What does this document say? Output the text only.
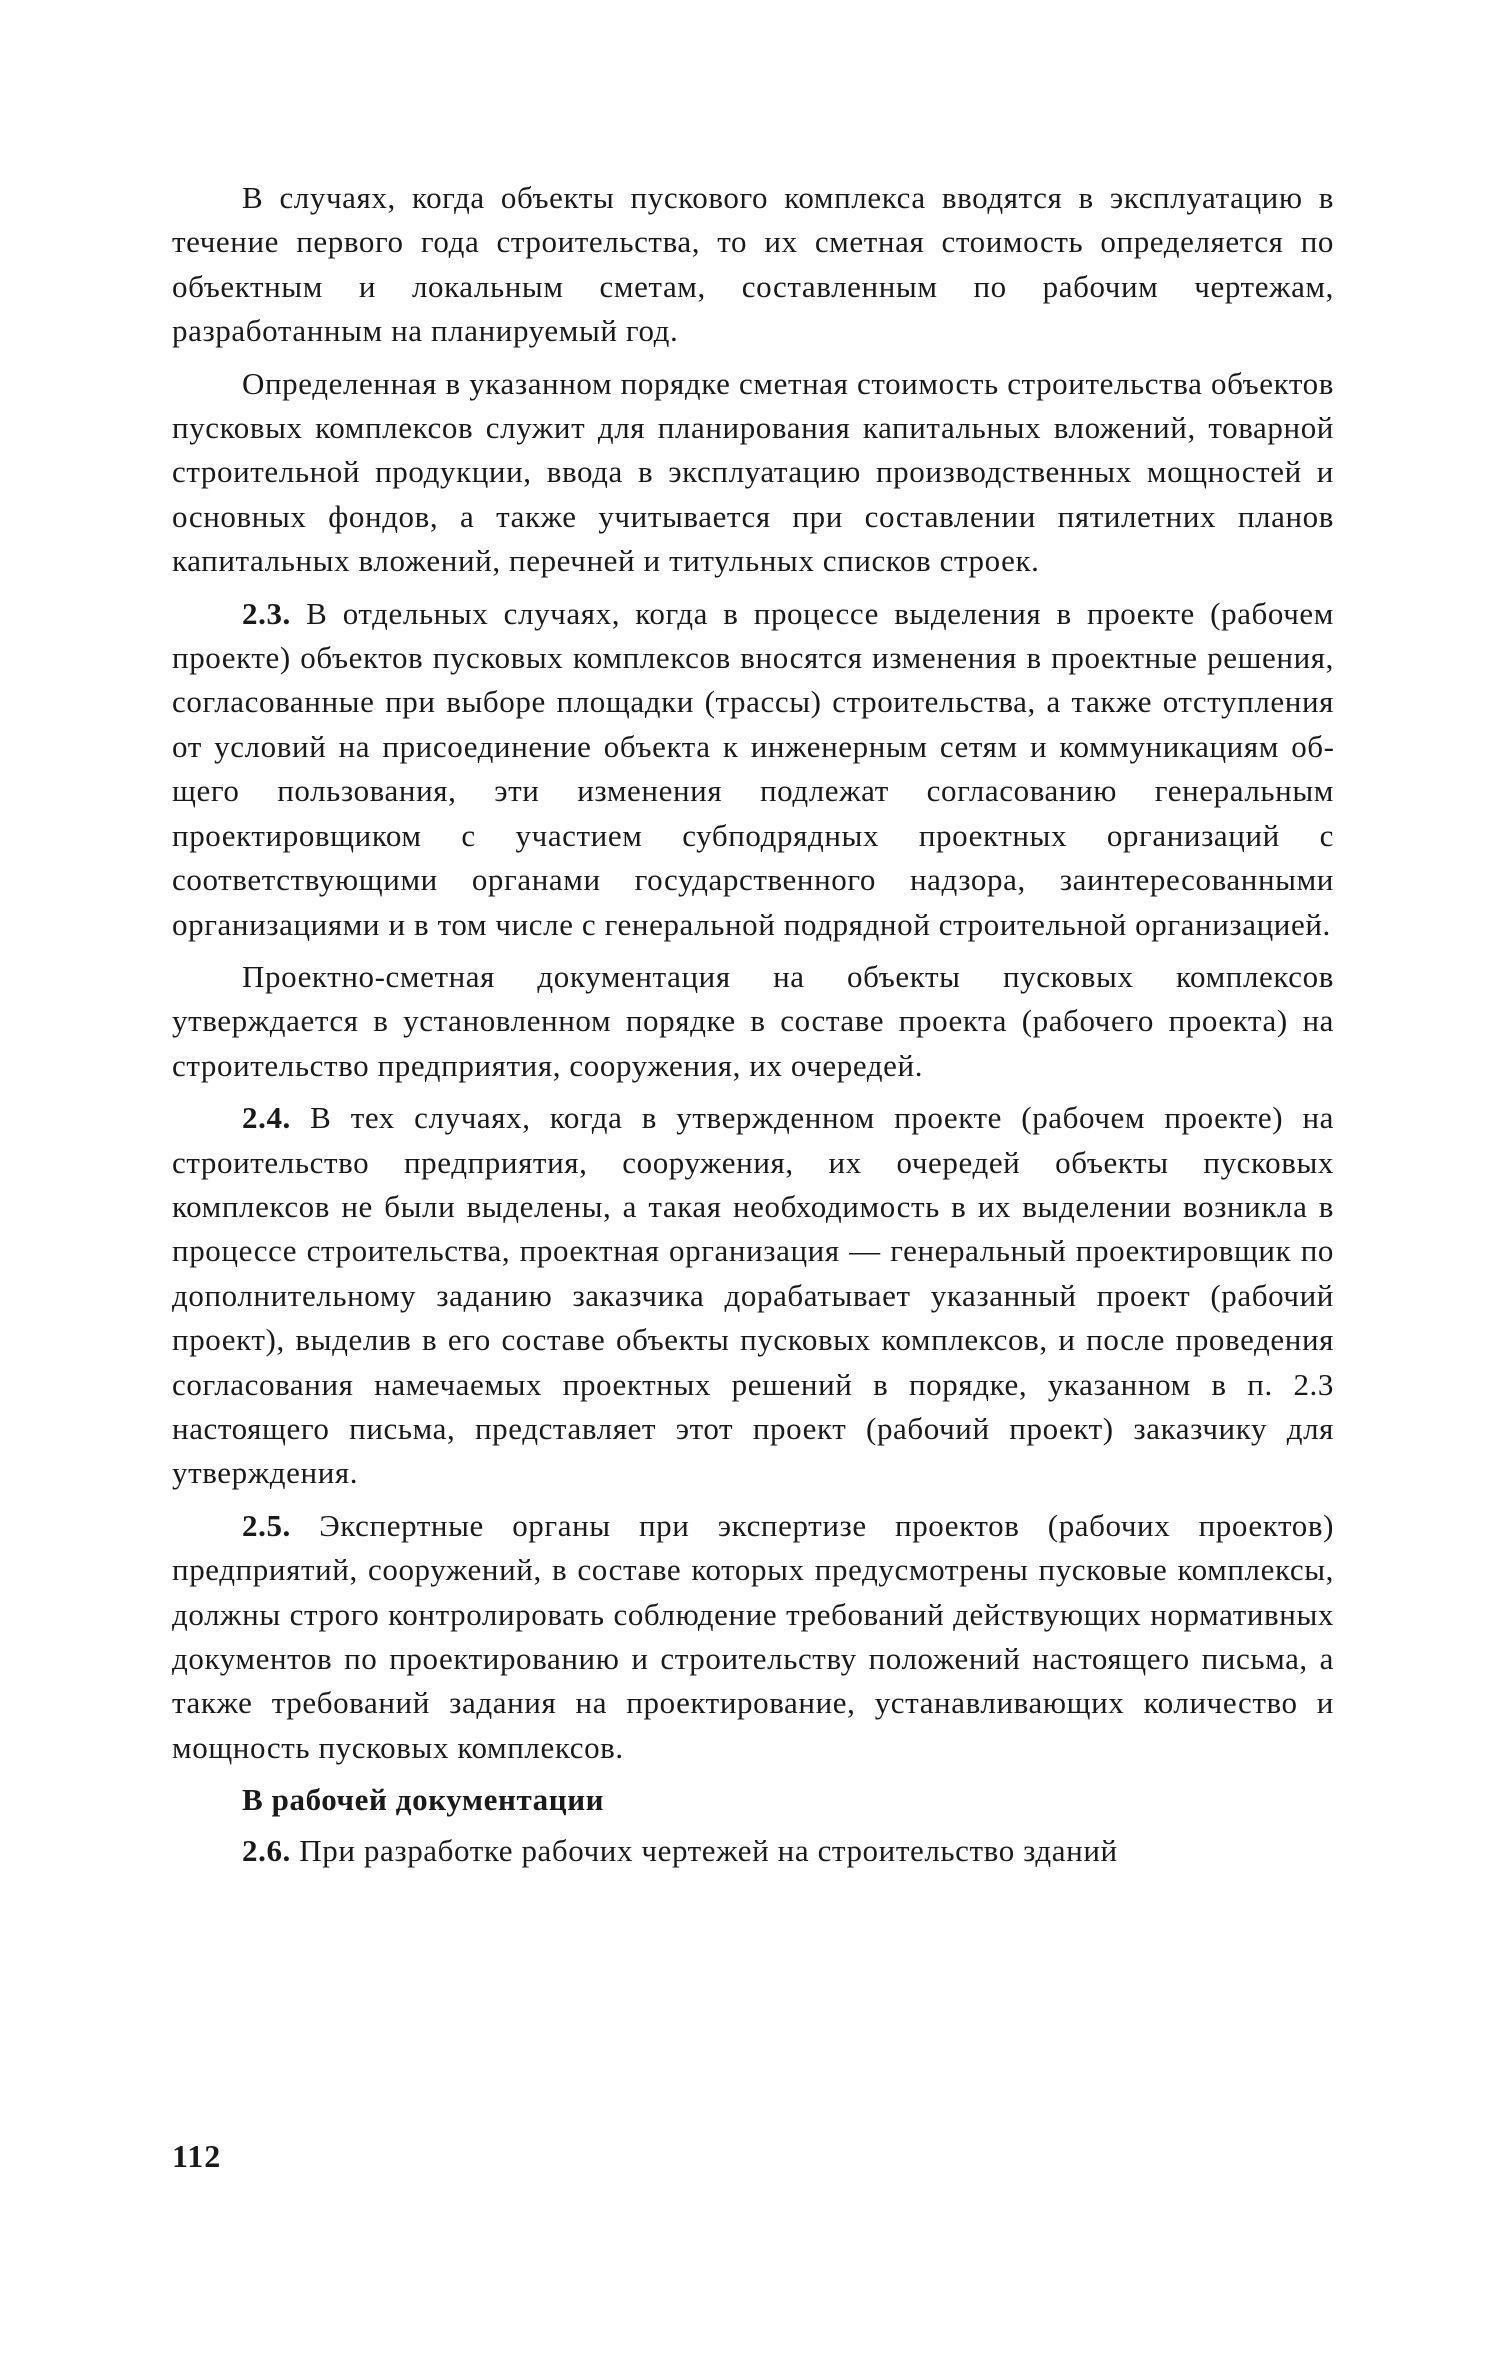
В случаях, когда объекты пускового комплекса вводятся в эксплуатацию в течение первого года строительства, то их сметная стоимость определяется по объектным и локальным сметам, составленным по рабочим чертежам, разработанным на планируемый год.

Определенная в указанном порядке сметная стоимость строительства объектов пусковых комплексов служит для планирования капитальных вложений, товарной строительной продукции, ввода в эксплуатацию производственных мощностей и основных фондов, а также учитывается при составлении пятилетних планов капитальных вложений, перечней и титульных списков строек.

2.3. В отдельных случаях, когда в процессе выделения в проекте (рабочем проекте) объектов пусковых комплексов вносятся изменения в проектные решения, согласованные при выборе площадки (трассы) строительства, а также отступления от условий на присоединение объекта к инженерным сетям и коммуникациям общего пользования, эти изменения подлежат согласованию генеральным проектировщиком с участием субподрядных проектных организаций с соответствующими органами государственного надзора, заинтересованными организациями и в том числе с генеральной подрядной строительной организацией.

Проектно-сметная документация на объекты пусковых комплексов утверждается в установленном порядке в составе проекта (рабочего проекта) на строительство предприятия, сооружения, их очередей.

2.4. В тех случаях, когда в утвержденном проекте (рабочем проекте) на строительство предприятия, сооружения, их очередей объекты пусковых комплексов не были выделены, а такая необходимость в их выделении возникла в процессе строительства, проектная организация — генеральный проектировщик по дополнительному заданию заказчика дорабатывает указанный проект (рабочий проект), выделив в его составе объекты пусковых комплексов, и после проведения согласования намечаемых проектных решений в порядке, указанном в п. 2.3 настоящего письма, представляет этот проект (рабочий проект) заказчику для утверждения.

2.5. Экспертные органы при экспертизе проектов (рабочих проектов) предприятий, сооружений, в составе которых предусмотрены пусковые комплексы, должны строго контролировать соблюдение требований действующих нормативных документов по проектированию и строительству положений настоящего письма, а также требований задания на проектирование, устанавливающих количество и мощность пусковых комплексов.

В рабочей документации

2.6. При разработке рабочих чертежей на строительство зданий

112
